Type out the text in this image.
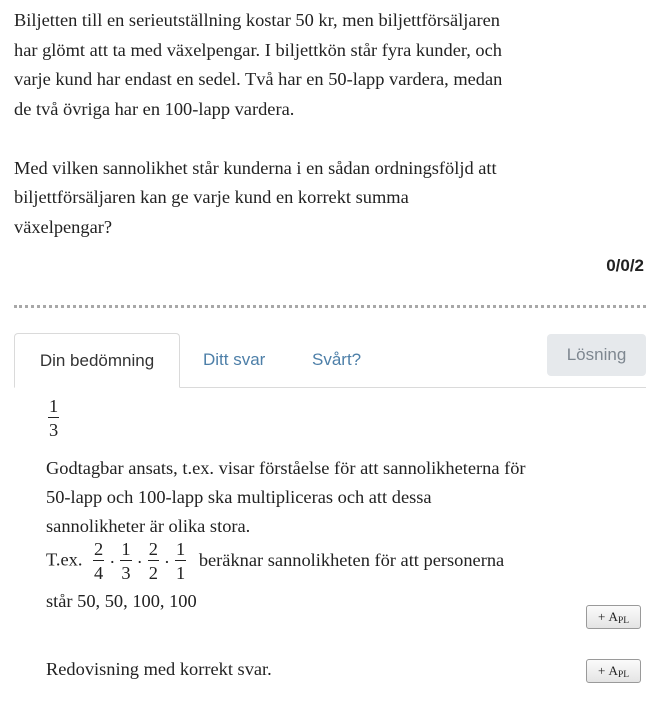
Biljetten till en serieutställning kostar 50 kr, men biljettförsäljaren
har glömt att ta med växelpengar. I biljettkön står fyra kunder, och
varje kund har endast en sedel. Två har en 50-lapp vardera, medan
de två övriga har en 100-lapp vardera.

Med vilken sannolikhet står kunderna i en sådan ordningsföljd att
biljettförsäljaren kan ge varje kund en korrekt summa
växelpengar?

0/0/2
Din bedömning	Ditt svar	Svårt?	Lösning
$\frac{1}{3}$
Godtagbar ansats, t.ex. visar förståelse för att sannolikheterna för
50-lapp och 100-lapp ska multipliceras och att dessa
sannolikheter är olika stora.
T.ex. $\frac{2}{4} \cdot \frac{1}{3} \cdot \frac{2}{2} \cdot \frac{1}{1}$ beräknar sannolikheten för att personerna
står 50, 50, 100, 100
+ $A_{PL}$
Redovisning med korrekt svar.	+ $A_{PL}$
